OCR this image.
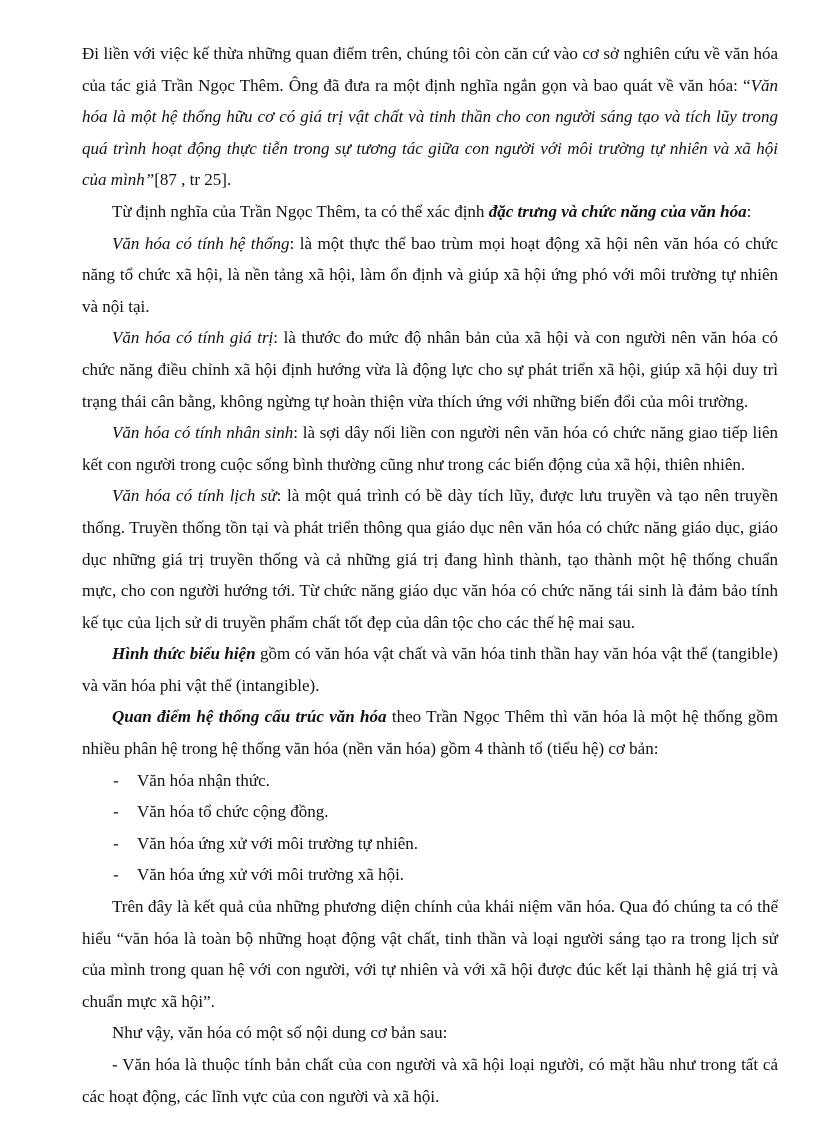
Đi liền với việc kế thừa những quan điểm trên, chúng tôi còn căn cứ vào cơ sở nghiên cứu về văn hóa của tác giả Trần Ngọc Thêm. Ông đã đưa ra một định nghĩa ngắn gọn và bao quát về văn hóa: “Văn hóa là một hệ thống hữu cơ có giá trị vật chất và tinh thần cho con người sáng tạo và tích lũy trong quá trình hoạt động thực tiễn trong sự tương tác giữa con người với môi trường tự nhiên và xã hội của mình”[87 , tr 25].

Từ định nghĩa của Trần Ngọc Thêm, ta có thể xác định đặc trưng và chức năng của văn hóa:

Văn hóa có tính hệ thống: là một thực thể bao trùm mọi hoạt động xã hội nên văn hóa có chức năng tổ chức xã hội, là nền tảng xã hội, làm ổn định và giúp xã hội ứng phó với môi trường tự nhiên và nội tại.

Văn hóa có tính giá trị: là thước đo mức độ nhân bản của xã hội và con người nên văn hóa có chức năng điều chỉnh xã hội định hướng vừa là động lực cho sự phát triển xã hội, giúp xã hội duy trì trạng thái cân bằng, không ngừng tự hoàn thiện vừa thích ứng với những biến đổi của môi trường.

Văn hóa có tính nhân sinh: là sợi dây nối liền con người nên văn hóa có chức năng giao tiếp liên kết con người trong cuộc sống bình thường cũng như trong các biến động của xã hội, thiên nhiên.

Văn hóa có tính lịch sử: là một quá trình có bề dày tích lũy, được lưu truyền và tạo nên truyền thống. Truyền thống tồn tại và phát triển thông qua giáo dục nên văn hóa có chức năng giáo dục, giáo dục những giá trị truyền thống và cả những giá trị đang hình thành, tạo thành một hệ thống chuẩn mực, cho con người hướng tới. Từ chức năng giáo dục văn hóa có chức năng tái sinh là đảm bảo tính kế tục của lịch sử di truyền phẩm chất tốt đẹp của dân tộc cho các thế hệ mai sau.

Hình thức biểu hiện gồm có văn hóa vật chất và văn hóa tinh thần hay văn hóa vật thể (tangible) và văn hóa phi vật thể (intangible).

Quan điểm hệ thống cấu trúc văn hóa theo Trần Ngọc Thêm thì văn hóa là một hệ thống gồm nhiều phân hệ trong hệ thống văn hóa (nền văn hóa) gồm 4 thành tố (tiểu hệ) cơ bản:

- Văn hóa nhận thức.
- Văn hóa tổ chức cộng đồng.
- Văn hóa ứng xử với môi trường tự nhiên.
- Văn hóa ứng xử với môi trường xã hội.

Trên đây là kết quả của những phương diện chính của khái niệm văn hóa. Qua đó chúng ta có thể hiểu “văn hóa là toàn bộ những hoạt động vật chất, tinh thần và loại người sáng tạo ra trong lịch sử của mình trong quan hệ với con người, với tự nhiên và với xã hội được đúc kết lại thành hệ giá trị và chuẩn mực xã hội”.

Như vậy, văn hóa có một số nội dung cơ bản sau:

- Văn hóa là thuộc tính bản chất của con người và xã hội loại người, có mặt hầu như trong tất cả các hoạt động, các lĩnh vực của con người và xã hội.
